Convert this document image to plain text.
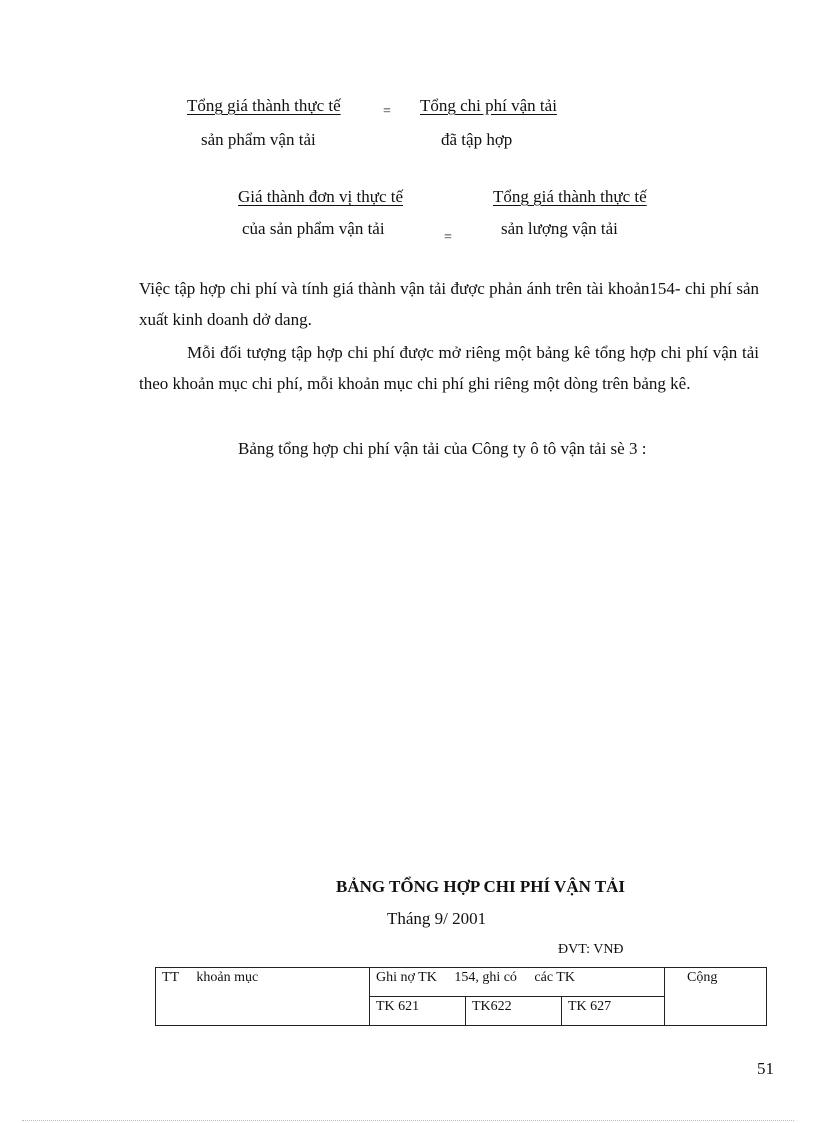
Tổng giá thành thực tế	= Tổng chi phí vận tải
sản phẩm vận tải	đã tập hợp
Giá thành đơn vị thực tế	Tổng giá thành thực tế
của sản phẩm vận tải	=	sản lượng vận tải
Việc tập hợp chi phí và tính giá thành vận tải được phản ánh trên tài khoản154- chi phí sản xuất kinh doanh dở dang.
Mỗi đối tượng tập hợp chi phí được mở riêng một bảng kê tổng hợp chi phí vận tải theo khoản mục chi phí, mỗi khoản mục chi phí ghi riêng một dòng trên bảng kê.
Bảng tổng hợp chi phí vận tải của Công ty ô tô vận tải sè 3 :
BẢNG TỔNG HỢP CHI PHÍ VẬN TẢI
Tháng 9/ 2001
ĐVT: VNĐ
TT     khoản mục	Ghi nợ TK     154, ghi có     các TK			Cộng
	TK 621	TK622	TK 627	
51
